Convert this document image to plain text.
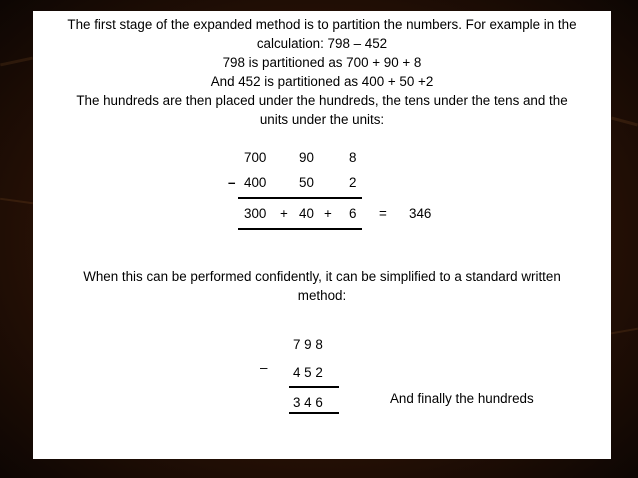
The first stage of the expanded method is to partition the numbers. For example in the
calculation: 798 – 452
798 is partitioned as 700 + 90 + 8
And 452 is partitioned as 400 + 50 +2
The hundreds are then placed under the hundreds, the tens under the tens and the
units under the units:
700 90	8
– 400 50	2
300 + 40 + 6 = 346
When this can be performed confidently, it can be simplified to a standard written
method:
7 9 8
– 4 5 2
3 4 6	And finally the hundreds
